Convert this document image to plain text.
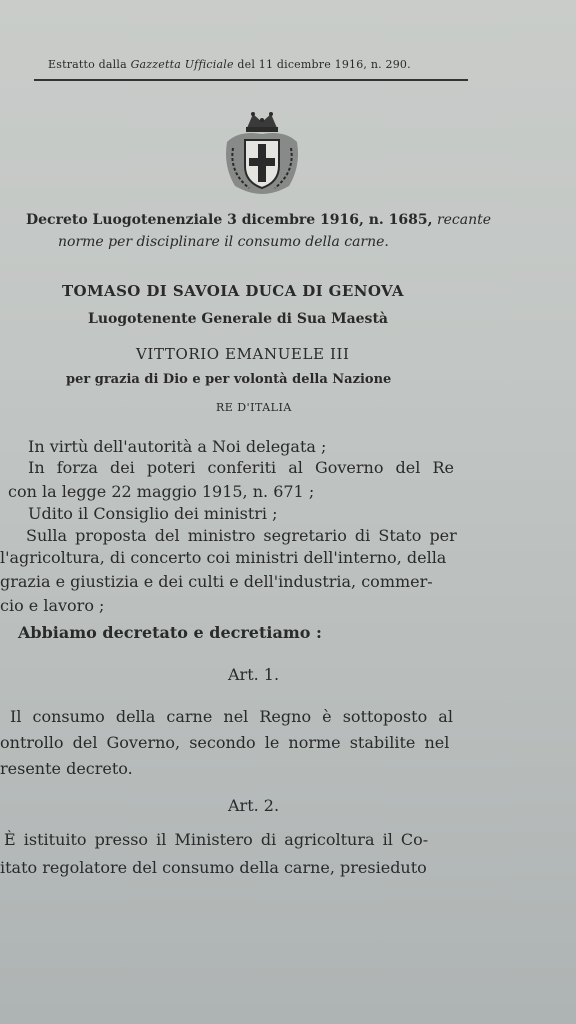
Estratto dalla Gazzetta Ufficiale del 11 dicembre 1916, n. 290.
Decreto Luogotenenziale 3 dicembre 1916, n. 1685, recante
norme per disciplinare il consumo della carne.
TOMASO DI SAVOIA DUCA DI GENOVA
Luogotenente Generale di Sua Maestà
VITTORIO EMANUELE III
per grazia di Dio e per volontà della Nazione
RE D'ITALIA
In virtù dell'autorità a Noi delegata ;
In forza dei poteri conferiti al Governo del Re
con la legge 22 maggio 1915, n. 671 ;
Udito il Consiglio dei ministri ;
Sulla proposta del ministro segretario di Stato per
l'agricoltura, di concerto coi ministri dell'interno, della
grazia e giustizia e dei culti e dell'industria, commer-
cio e lavoro ;
Abbiamo decretato e decretiamo :
Art. 1.
Il consumo della carne nel Regno è sottoposto al
ontrollo del Governo, secondo le norme stabilite nel
resente decreto.
Art. 2.
È istituito presso il Ministero di agricoltura il Co-
itato regolatore del consumo della carne, presieduto
